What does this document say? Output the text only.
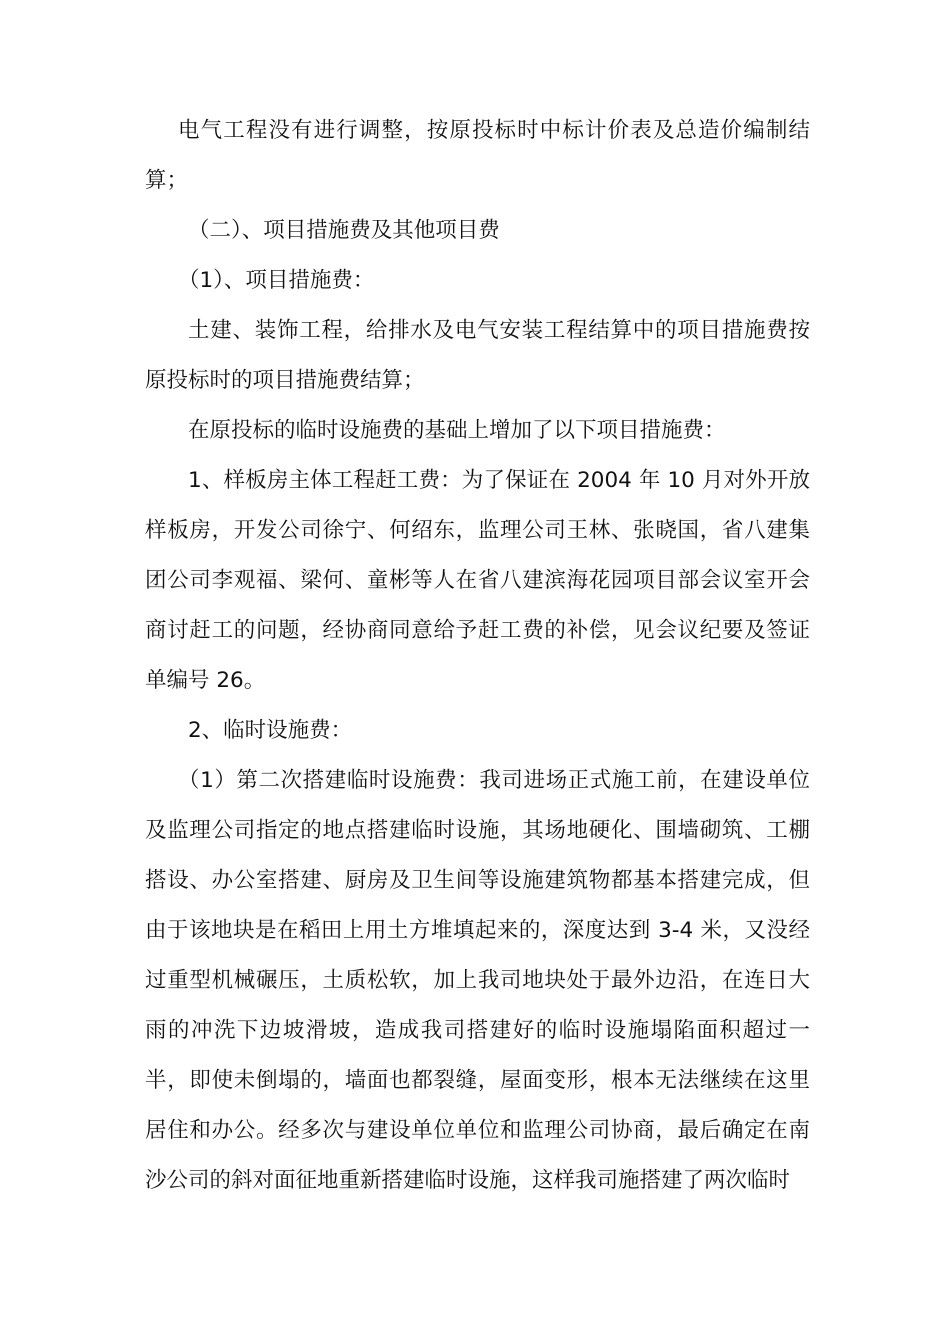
电气工程没有进行调整，按原投标时中标计价表及总造价编制结算；

（二）、项目措施费及其他项目费

（1）、项目措施费：

土建、装饰工程，给排水及电气安装工程结算中的项目措施费按原投标时的项目措施费结算；

在原投标的临时设施费的基础上增加了以下项目措施费：

1、样板房主体工程赶工费：为了保证在 2004 年 10 月对外开放样板房，开发公司徐宁、何绍东，监理公司王林、张晓国，省八建集团公司李观福、梁何、童彬等人在省八建滨海花园项目部会议室开会商讨赶工的问题，经协商同意给予赶工费的补偿，见会议纪要及签证单编号 26。

2、临时设施费：

（1）第二次搭建临时设施费：我司进场正式施工前，在建设单位及监理公司指定的地点搭建临时设施，其场地硬化、围墙砌筑、工棚搭设、办公室搭建、厨房及卫生间等设施建筑物都基本搭建完成，但由于该地块是在稻田上用土方堆填起来的，深度达到 3-4 米，又没经过重型机械碾压，土质松软，加上我司地块处于最外边沿，在连日大雨的冲洗下边坡滑坡，造成我司搭建好的临时设施塌陷面积超过一半，即使未倒塌的，墙面也都裂缝，屋面变形，根本无法继续在这里居住和办公。经多次与建设单位单位和监理公司协商，最后确定在南沙公司的斜对面征地重新搭建临时设施，这样我司施搭建了两次临时
